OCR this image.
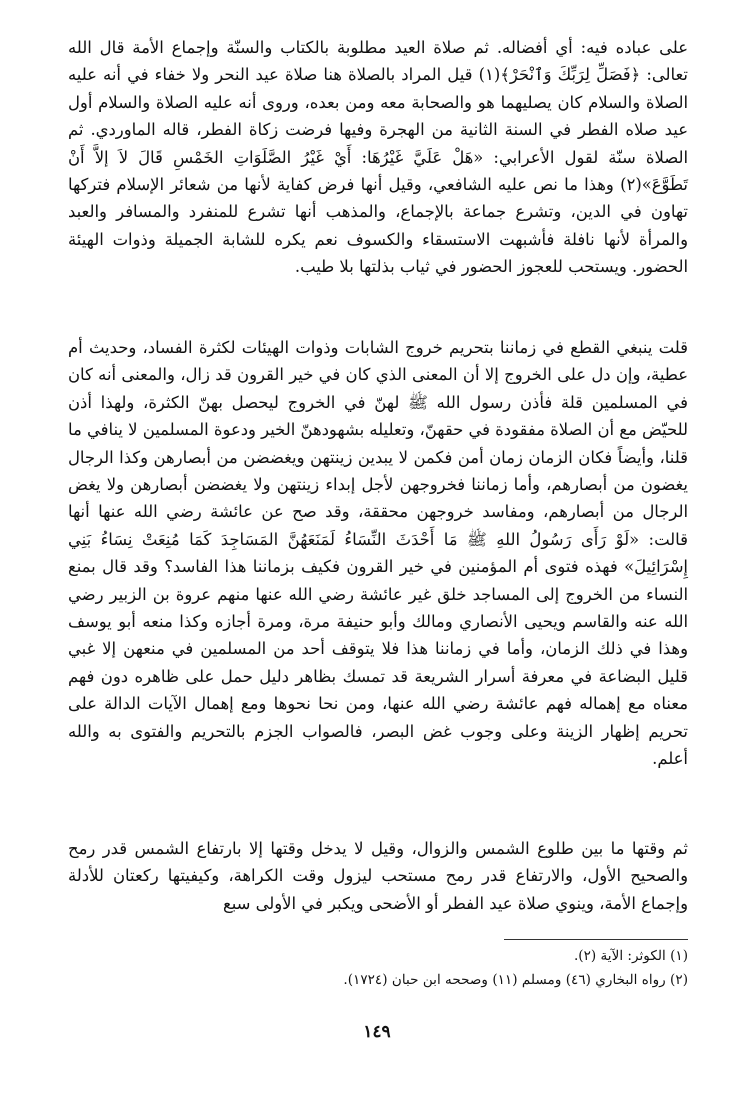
على عباده فيه: أي أفضاله. ثم صلاة العيد مطلوبة بالكتاب والسنّة وإجماع الأمة قال الله تعالى: ﴿فَصَلِّ لِرَبِّكَ وَٱنْحَرْ﴾(١) قيل المراد بالصلاة هنا صلاة عيد النحر ولا خفاء في أنه عليه الصلاة والسلام كان يصليهما هو والصحابة معه ومن بعده، وروى أنه عليه الصلاة والسلام أول عيد صلاه الفطر في السنة الثانية من الهجرة وفيها فرضت زكاة الفطر، قاله الماوردي. ثم الصلاة سنّة لقول الأعرابي: «هَلْ عَلَيَّ غَيْرُهَا: أَيْ غَيْرُ الصَّلَوَاتِ الخَمْسِ قَالَ لاَ إلاَّ أَنْ تَطَوَّعَ»(٢) وهذا ما نص عليه الشافعي، وقيل أنها فرض كفاية لأنها من شعائر الإسلام فتركها تهاون في الدين، وتشرع جماعة بالإجماع، والمذهب أنها تشرع للمنفرد والمسافر والعبد والمرأة لأنها نافلة فأشبهت الاستسقاء والكسوف نعم يكره للشابة الجميلة وذوات الهيئة الحضور. ويستحب للعجوز الحضور في ثياب بذلتها بلا طيب.

قلت ينبغي القطع في زماننا بتحريم خروج الشابات وذوات الهيئات لكثرة الفساد، وحديث أم عطية، وإن دل على الخروج إلا أن المعنى الذي كان في خير القرون قد زال، والمعنى أنه كان في المسلمين قلة فأذن رسول الله ﷺ لهنّ في الخروج ليحصل بهنّ الكثرة، ولهذا أذن للحيّض مع أن الصلاة مفقودة في حقهنّ، وتعليله بشهودهنّ الخير ودعوة المسلمين لا ينافي ما قلنا، وأيضاً فكان الزمان زمان أمن فكمن لا يبدين زينتهن ويغضضن من أبصارهن وكذا الرجال يغضون من أبصارهم، وأما زماننا فخروجهن لأجل إبداء زينتهن ولا يغضضن أبصارهن ولا يغض الرجال من أبصارهم، ومفاسد خروجهن محققة، وقد صح عن عائشة رضي الله عنها أنها قالت: «لَوْ رَأَى رَسُولُ اللهِ ﷺ مَا أَحْدَثَ النِّسَاءُ لَمَنَعَهُنَّ المَسَاجِدَ كَمَا مُنِعَتْ نِسَاءُ بَنِي إِسْرَائِيلَ» فهذه فتوى أم المؤمنين في خير القرون فكيف بزماننا هذا الفاسد؟ وقد قال بمنع النساء من الخروج إلى المساجد خلق غير عائشة رضي الله عنها منهم عروة بن الزبير رضي الله عنه والقاسم ويحيى الأنصاري ومالك وأبو حنيفة مرة، ومرة أجازه وكذا منعه أبو يوسف وهذا في ذلك الزمان، وأما في زماننا هذا فلا يتوقف أحد من المسلمين في منعهن إلا غبي قليل البضاعة في معرفة أسرار الشريعة قد تمسك بظاهر دليل حمل على ظاهره دون فهم معناه مع إهماله فهم عائشة رضي الله عنها، ومن نحا نحوها ومع إهمال الآيات الدالة على تحريم إظهار الزينة وعلى وجوب غض البصر، فالصواب الجزم بالتحريم والفتوى به والله أعلم.

ثم وقتها ما بين طلوع الشمس والزوال، وقيل لا يدخل وقتها إلا بارتفاع الشمس قدر رمح والصحيح الأول، والارتفاع قدر رمح مستحب ليزول وقت الكراهة، وكيفيتها ركعتان للأدلة وإجماع الأمة، وينوي صلاة عيد الفطر أو الأضحى ويكبر في الأولى سبع

(١) الكوثر: الآية (٢).
(٢) رواه البخاري (٤٦) ومسلم (١١) وصححه ابن حبان (١٧٢٤).
١٤٩
